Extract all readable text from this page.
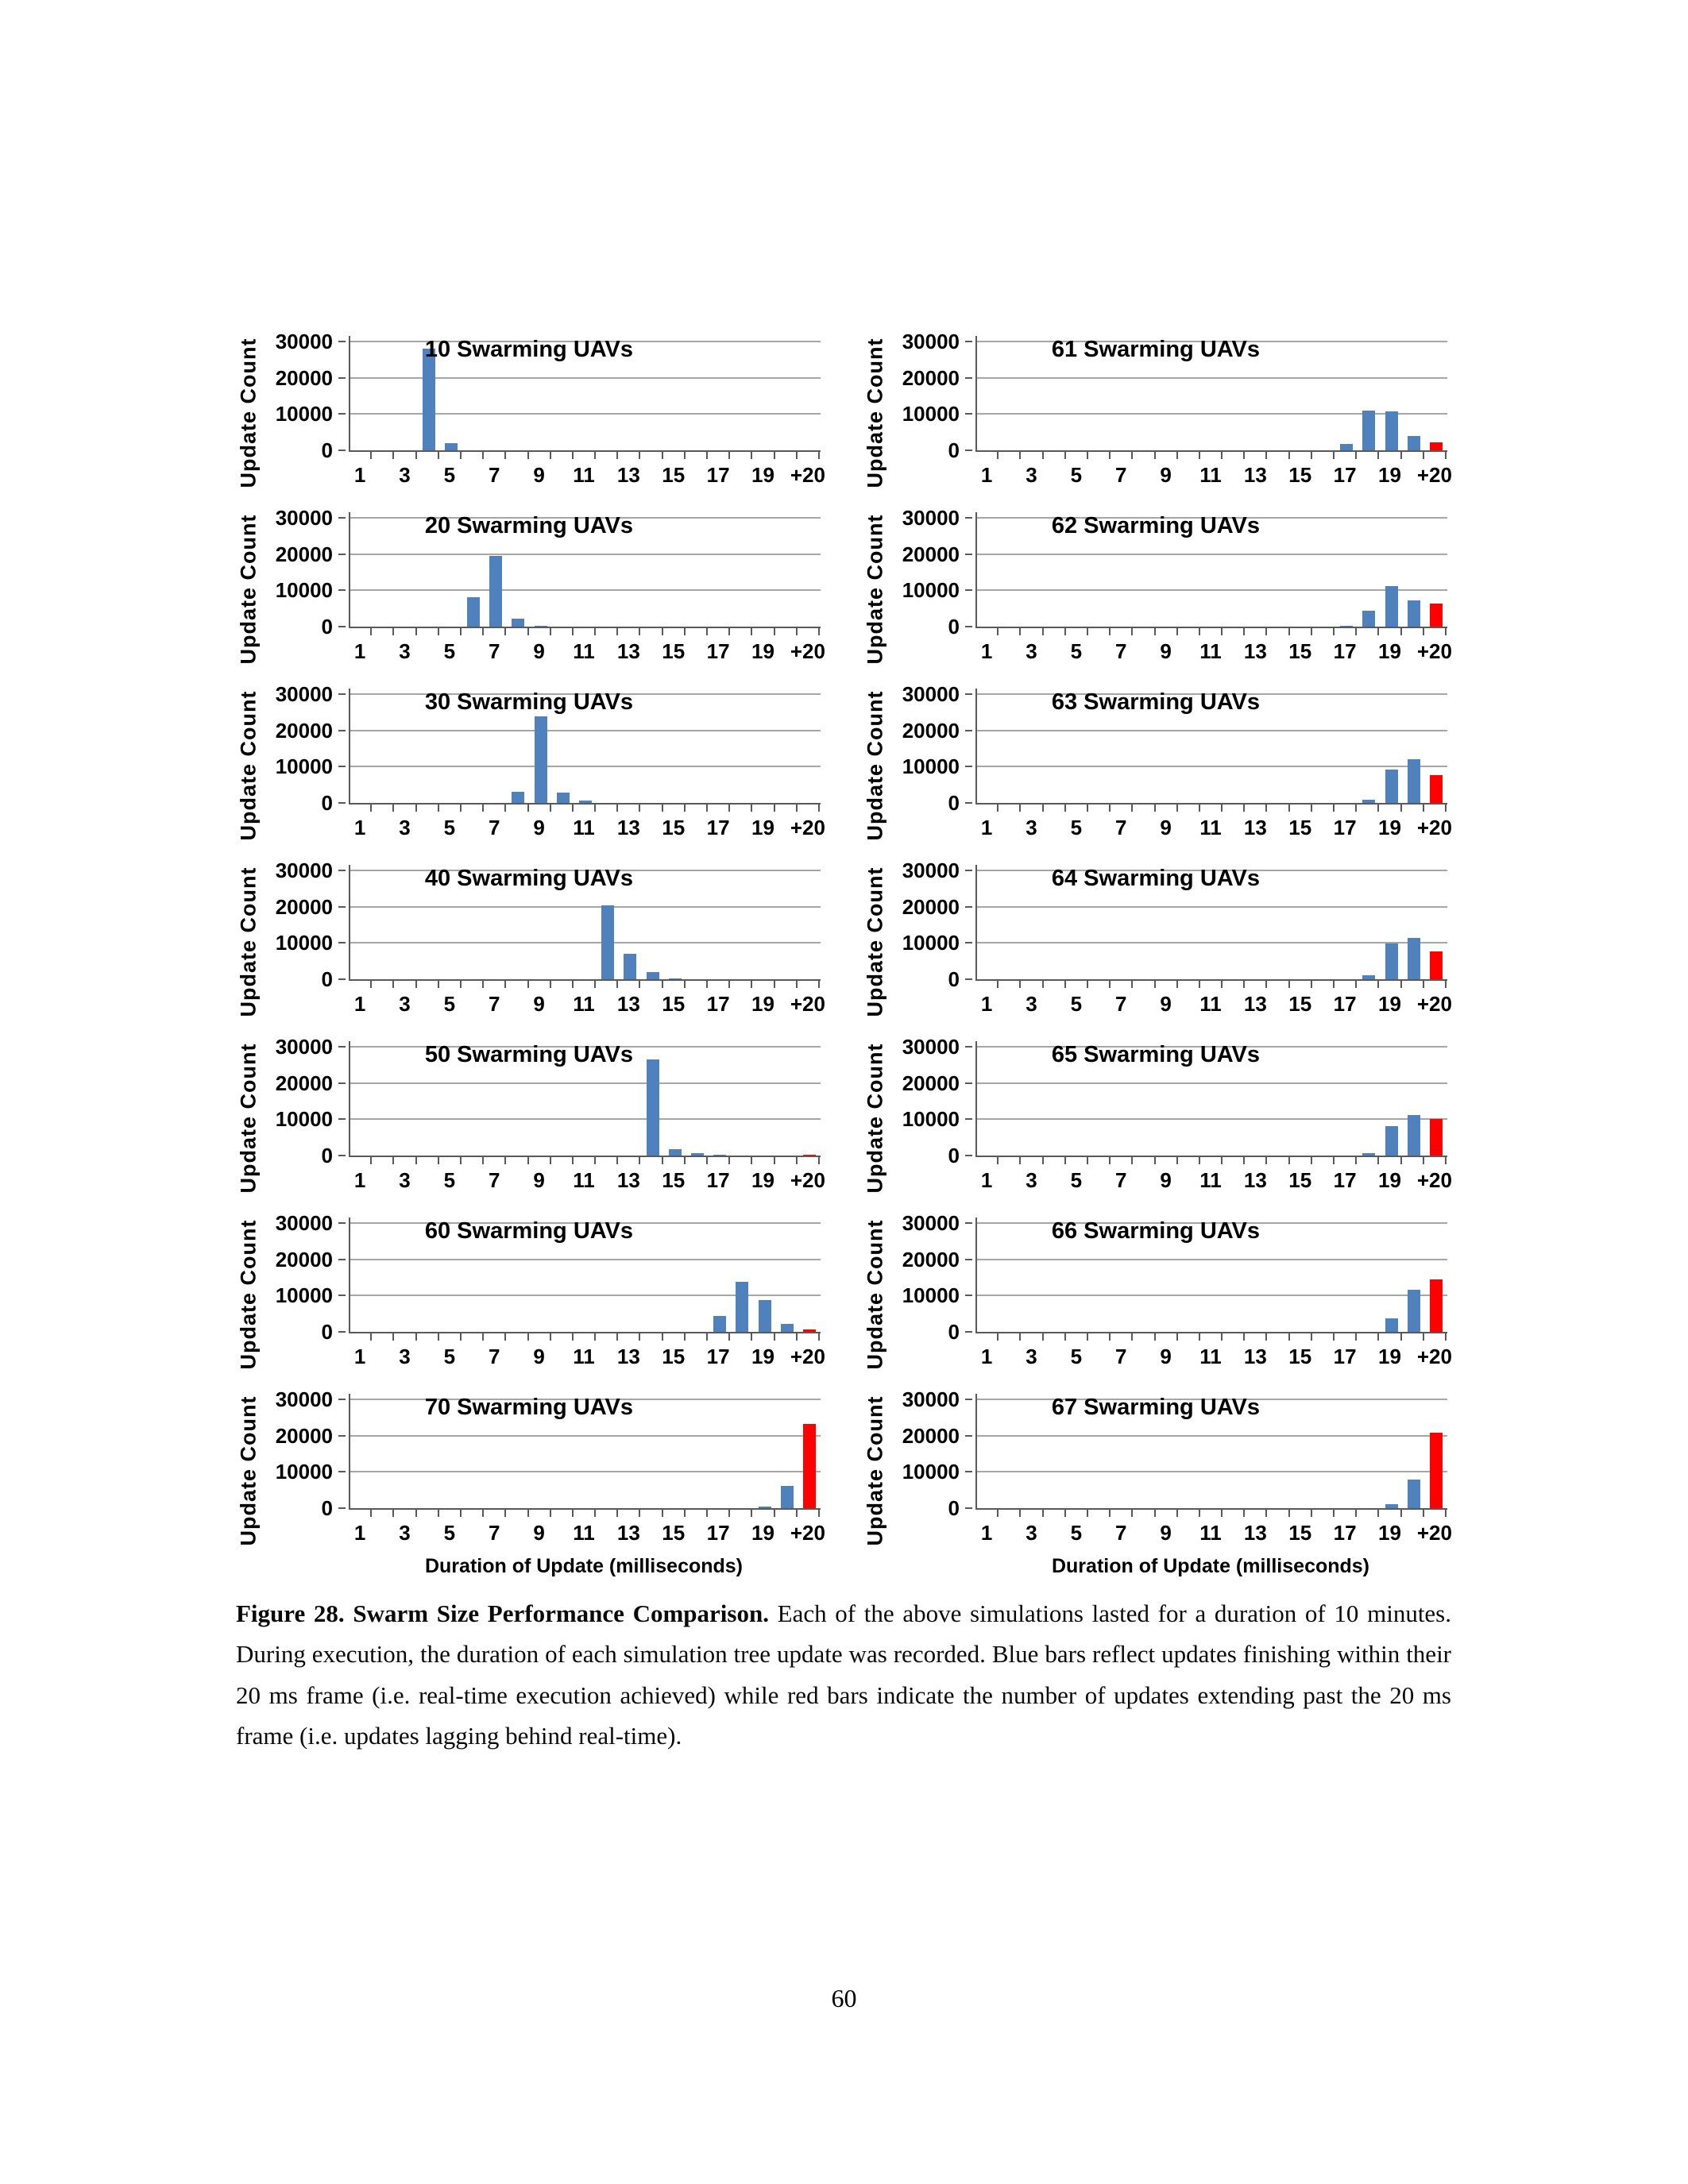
Update Count	0
10000
20000
30000	10 Swarming UAVs
1 3 5 7 9 11 13 15 17 19 +20
Update Count	0
10000
20000
30000	20 Swarming UAVs
1 3 5 7 9 11 13 15 17 19 +20
Update Count	0
10000
20000
30000	30 Swarming UAVs
1 3 5 7 9 11 13 15 17 19 +20
Update Count	0
10000
20000
30000	40 Swarming UAVs
1 3 5 7 9 11 13 15 17 19 +20
Update Count	0
10000
20000
30000	50 Swarming UAVs
1 3 5 7 9 11 13 15 17 19 +20
Update Count	0
10000
20000
30000	60 Swarming UAVs
1 3 5 7 9 11 13 15 17 19 +20
Update Count	0
10000
20000
30000	70 Swarming UAVs
1 3 5 7 9 11 13 15 17 19 +20
Duration of Update (milliseconds)
Update Count	0
10000
20000
30000	61 Swarming UAVs
1 3 5 7 9 11 13 15 17 19 +20
Update Count	0
10000
20000
30000	62 Swarming UAVs
1 3 5 7 9 11 13 15 17 19 +20
Update Count	0
10000
20000
30000	63 Swarming UAVs
1 3 5 7 9 11 13 15 17 19 +20
Update Count	0
10000
20000
30000	64 Swarming UAVs
1 3 5 7 9 11 13 15 17 19 +20
Update Count	0
10000
20000
30000	65 Swarming UAVs
1 3 5 7 9 11 13 15 17 19 +20
Update Count	0
10000
20000
30000	66 Swarming UAVs
1 3 5 7 9 11 13 15 17 19 +20
Update Count	0
10000
20000
30000	67 Swarming UAVs
1 3 5 7 9 11 13 15 17 19 +20
Duration of Update (milliseconds)

Figure 28. Swarm Size Performance Comparison. Each of the above simulations lasted for a duration of 10 minutes. During execution, the duration of each simulation tree update was recorded. Blue bars reflect updates finishing within their 20 ms frame (i.e. real-time execution achieved) while red bars indicate the number of updates extending past the 20 ms frame (i.e. updates lagging behind real-time).

60
